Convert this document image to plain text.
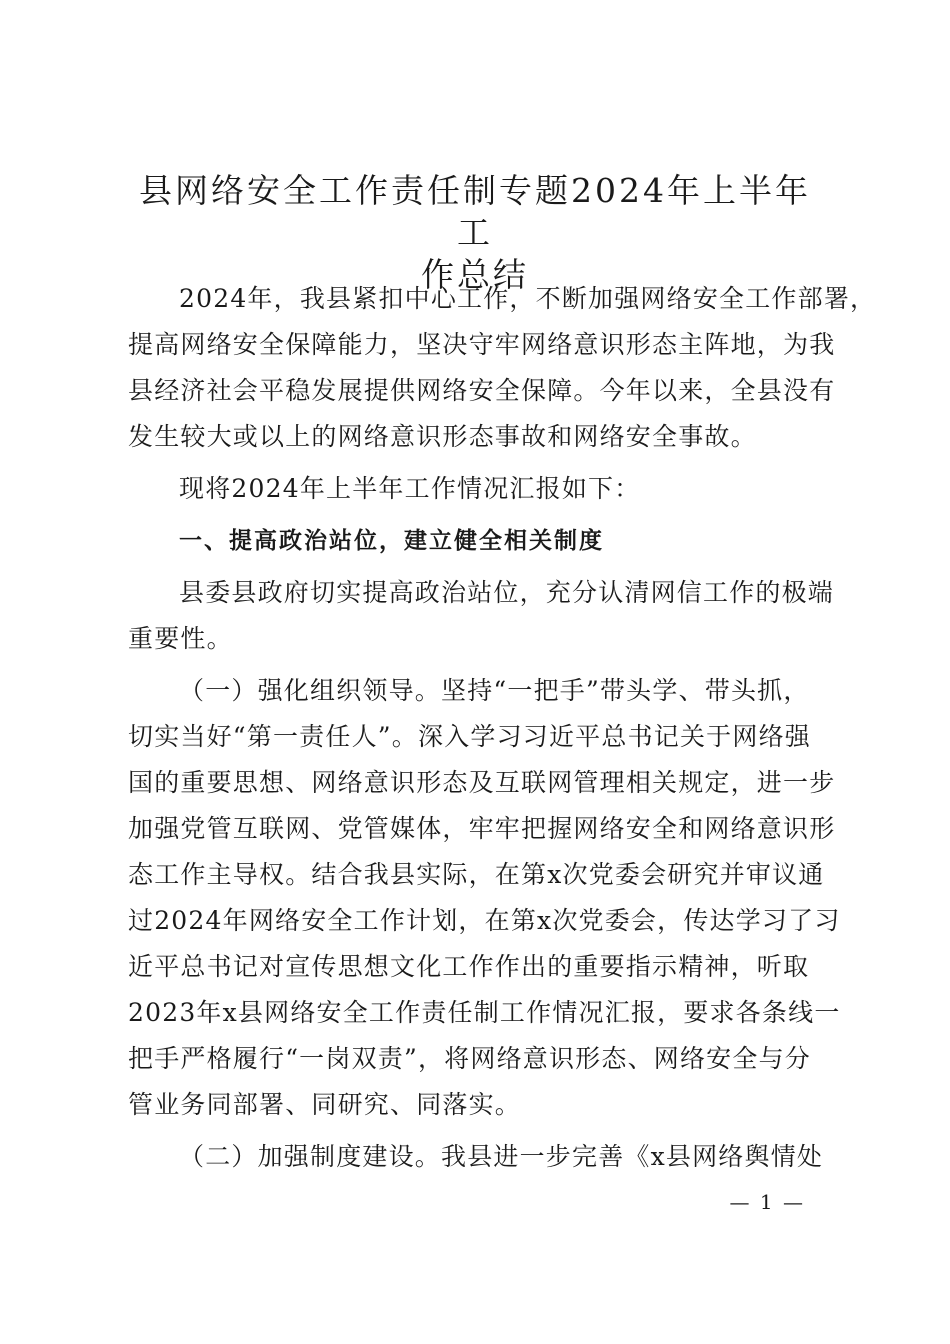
县网络安全工作责任制专题2024年上半年工
作总结
2024年，我县紧扣中心工作，不断加强网络安全工作部署，
提高网络安全保障能力，坚决守牢网络意识形态主阵地，为我
县经济社会平稳发展提供网络安全保障。今年以来，全县没有
发生较大或以上的网络意识形态事故和网络安全事故。
现将2024年上半年工作情况汇报如下：
一、提高政治站位，建立健全相关制度
县委县政府切实提高政治站位，充分认清网信工作的极端
重要性。
（一）强化组织领导。坚持“一把手”带头学、带头抓，
切实当好“第一责任人”。深入学习习近平总书记关于网络强
国的重要思想、网络意识形态及互联网管理相关规定，进一步
加强党管互联网、党管媒体，牢牢把握网络安全和网络意识形
态工作主导权。结合我县实际，在第x次党委会研究并审议通
过2024年网络安全工作计划，在第x次党委会，传达学习了习
近平总书记对宣传思想文化工作作出的重要指示精神，听取
2023年x县网络安全工作责任制工作情况汇报，要求各条线一
把手严格履行“一岗双责”，将网络意识形态、网络安全与分
管业务同部署、同研究、同落实。
（二）加强制度建设。我县进一步完善《x县网络舆情处
— 1 —
